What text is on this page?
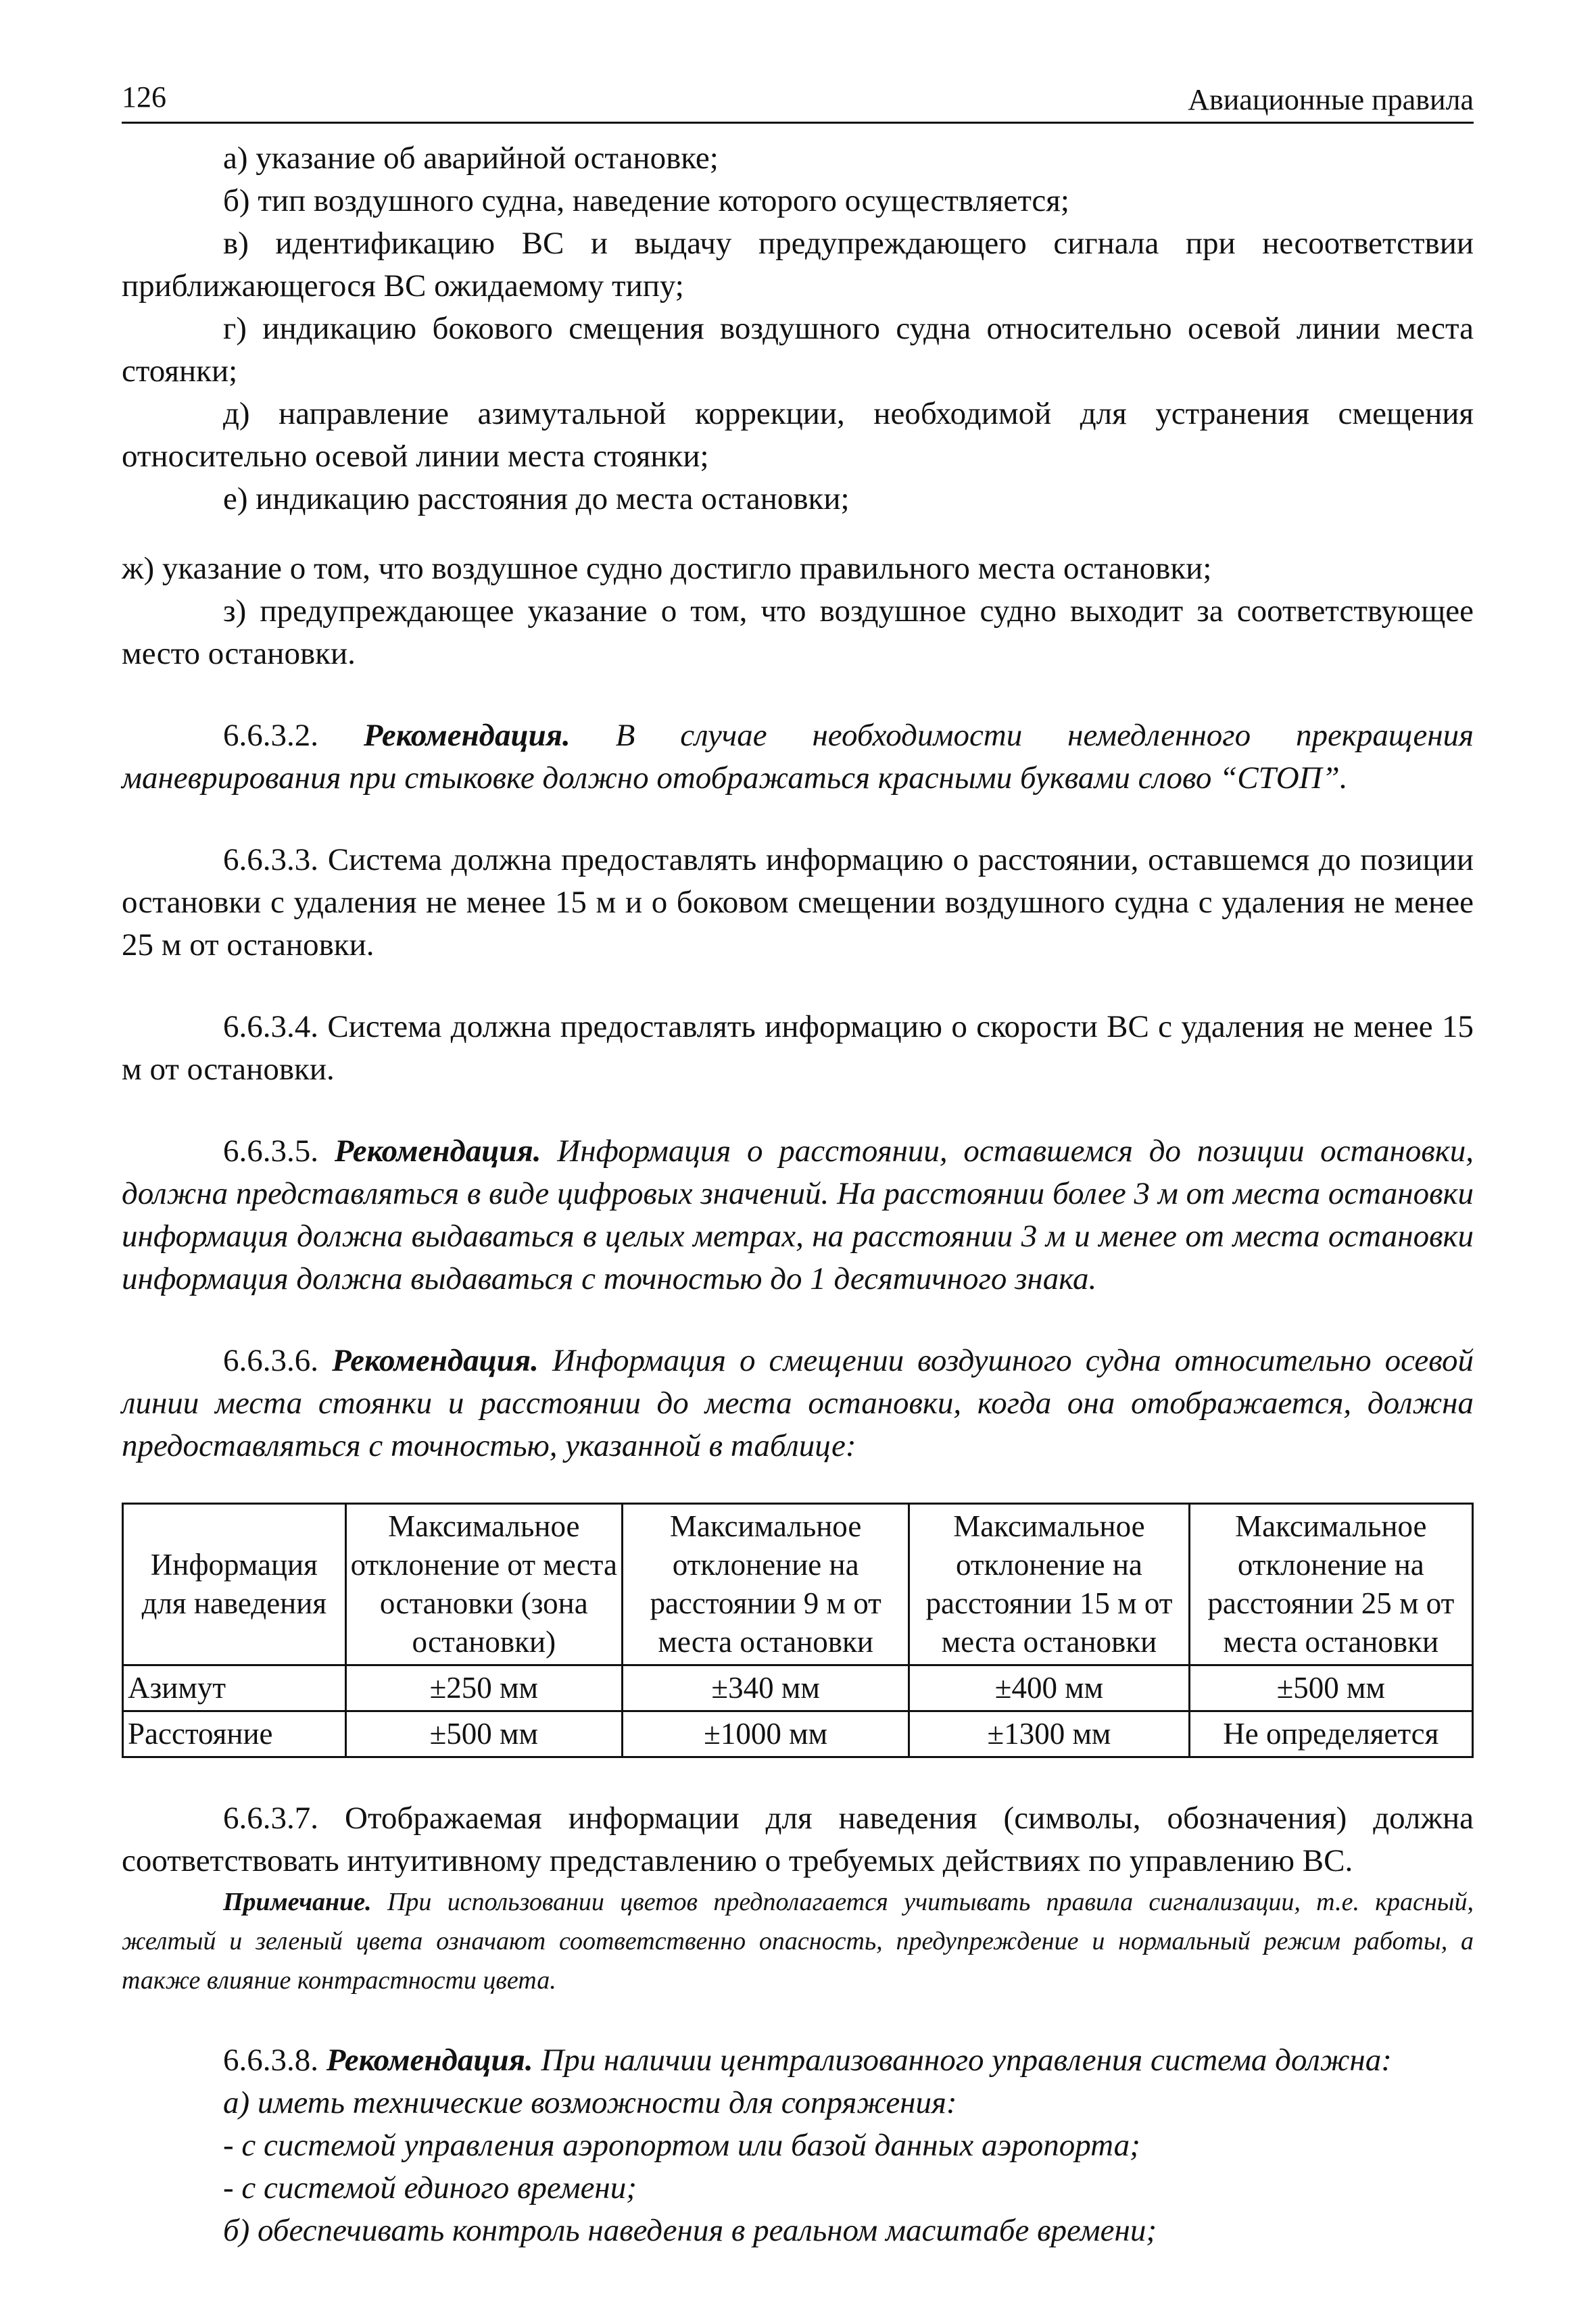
126	Авиационные правила

а) указание об аварийной остановке;

б) тип воздушного судна, наведение которого осуществляется;

в) идентификацию ВС и выдачу предупреждающего сигнала при несоответствии приближающегося ВС ожидаемому типу;

г) индикацию бокового смещения воздушного судна относительно осевой линии места стоянки;

д) направление азимутальной коррекции, необходимой для устранения смещения относительно осевой линии места стоянки;

е) индикацию расстояния до места остановки;

ж) указание о том, что воздушное судно достигло правильного места остановки;

з) предупреждающее указание о том, что воздушное судно выходит за соответствующее место остановки.

6.6.3.2. Рекомендация. В случае необходимости немедленного прекращения маневрирования при стыковке должно отображаться красными буквами слово “СТОП”.

6.6.3.3. Система должна предоставлять информацию о расстоянии, оставшемся до позиции остановки с удаления не менее 15 м и о боковом смещении воздушного судна с удаления не менее 25 м от остановки.

6.6.3.4. Система должна предоставлять информацию о скорости ВС с удаления не менее 15 м от остановки.

6.6.3.5. Рекомендация. Информация о расстоянии, оставшемся до позиции остановки, должна представляться в виде цифровых значений. На расстоянии более 3 м от места остановки информация должна выдаваться в целых метрах, на расстоянии 3 м и менее от места остановки информация должна выдаваться с точностью до 1 десятичного знака.

6.6.3.6. Рекомендация. Информация о смещении воздушного судна относительно осевой линии места стоянки и расстоянии до места остановки, когда она отображается, должна предоставляться с точностью, указанной в таблице:

Информация для наведения	Максимальное отклонение от места остановки (зона остановки)	Максимальное отклонение на расстоянии 9 м от места остановки	Максимальное отклонение на расстоянии 15 м от места остановки	Максимальное отклонение на расстоянии 25 м от места остановки
Азимут	±250 мм	±340 мм	±400 мм	±500 мм
Расстояние	±500 мм	±1000 мм	±1300 мм	Не определяется

6.6.3.7. Отображаемая информации для наведения (символы, обозначения) должна соответствовать интуитивному представлению о требуемых действиях по управлению ВС.

Примечание. При использовании цветов предполагается учитывать правила сигнализации, т.е. красный, желтый и зеленый цвета означают соответственно опасность, предупреждение и нормальный режим работы, а также влияние контрастности цвета.

6.6.3.8. Рекомендация. При наличии централизованного управления система должна:

а) иметь технические возможности для сопряжения:

- с системой управления аэропортом или базой данных аэропорта;

- с системой единого времени;

б) обеспечивать контроль наведения в реальном масштабе времени;
